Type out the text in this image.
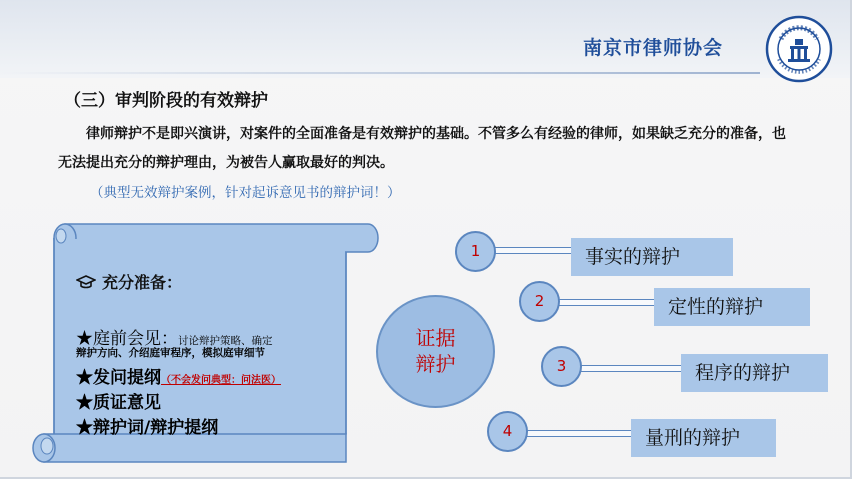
南京市律师协会
（三）审判阶段的有效辩护
律师辩护不是即兴演讲，对案件的全面准备是有效辩护的基础。不管多么有经验的律师，如果缺乏充分的准备，也无法提出充分的辩护理由，为被告人赢取最好的判决。
（典型无效辩护案例，针对起诉意见书的辩护词！）
充分准备：
★庭前会见：讨论辩护策略、确定
辩护方向、介绍庭审程序，模拟庭审细节
★发问提纲（不会发问典型：问法医）
★质证意见
★辩护词/辩护提纲
证据
辩护
事实的辩护
1
定性的辩护
2
程序的辩护
3
量刑的辩护
4
